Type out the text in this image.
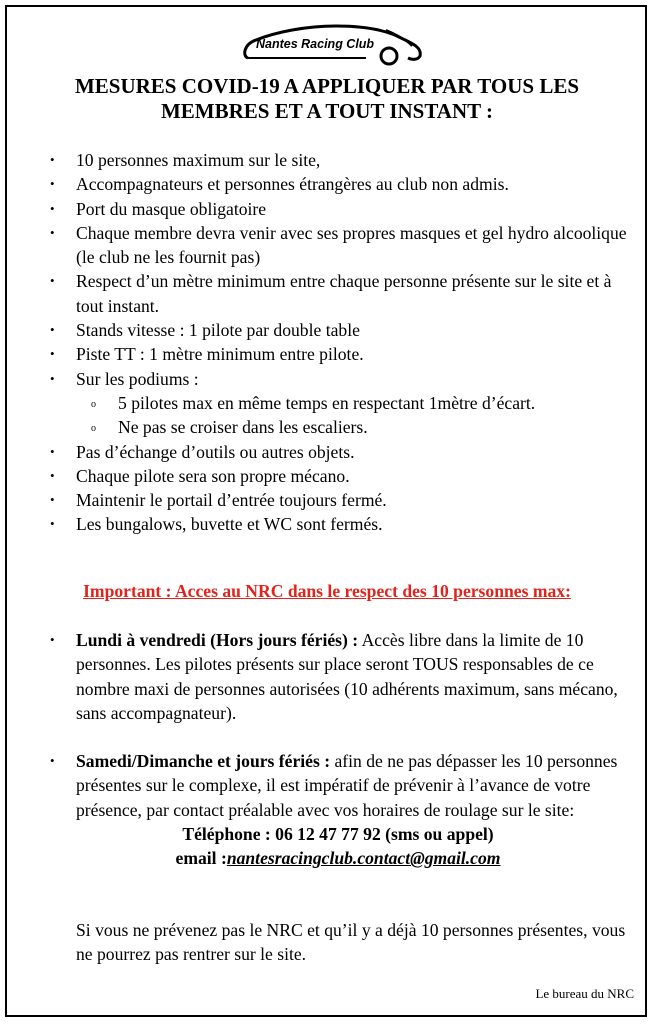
Nantes Racing Club
MESURES COVID-19 A APPLIQUER PAR TOUS LES MEMBRES ET A TOUT INSTANT :
• 10 personnes maximum sur le site,
• Accompagnateurs et personnes étrangères au club non admis.
• Port du masque obligatoire
• Chaque membre devra venir avec ses propres masques et gel hydro alcoolique (le club ne les fournit pas)
• Respect d’un mètre minimum entre chaque personne présente sur le site et à tout instant.
• Stands vitesse : 1 pilote par double table
• Piste TT : 1 mètre minimum entre pilote.
• Sur les podiums :
o 5 pilotes max en même temps en respectant 1mètre d’écart.
o Ne pas se croiser dans les escaliers.
• Pas d’échange d’outils ou autres objets.
• Chaque pilote sera son propre mécano.
• Maintenir le portail d’entrée toujours fermé.
• Les bungalows, buvette et WC sont fermés.
Important : Acces au NRC dans le respect des 10 personnes max:
• Lundi à vendredi (Hors jours fériés) : Accès libre dans la limite de 10 personnes. Les pilotes présents sur place seront TOUS responsables de ce nombre maxi de personnes autorisées (10 adhérents maximum, sans mécano, sans accompagnateur).
• Samedi/Dimanche et jours fériés : afin de ne pas dépasser les 10 personnes présentes sur le complexe, il est impératif de prévenir à l’avance de votre présence, par contact préalable avec vos horaires de roulage sur le site:
Téléphone : 06 12 47 77 92 (sms ou appel)
email :nantesracingclub.contact@gmail.com
Si vous ne prévenez pas le NRC et qu’il y a déjà 10 personnes présentes, vous ne pourrez pas rentrer sur le site.
Le bureau du NRC
